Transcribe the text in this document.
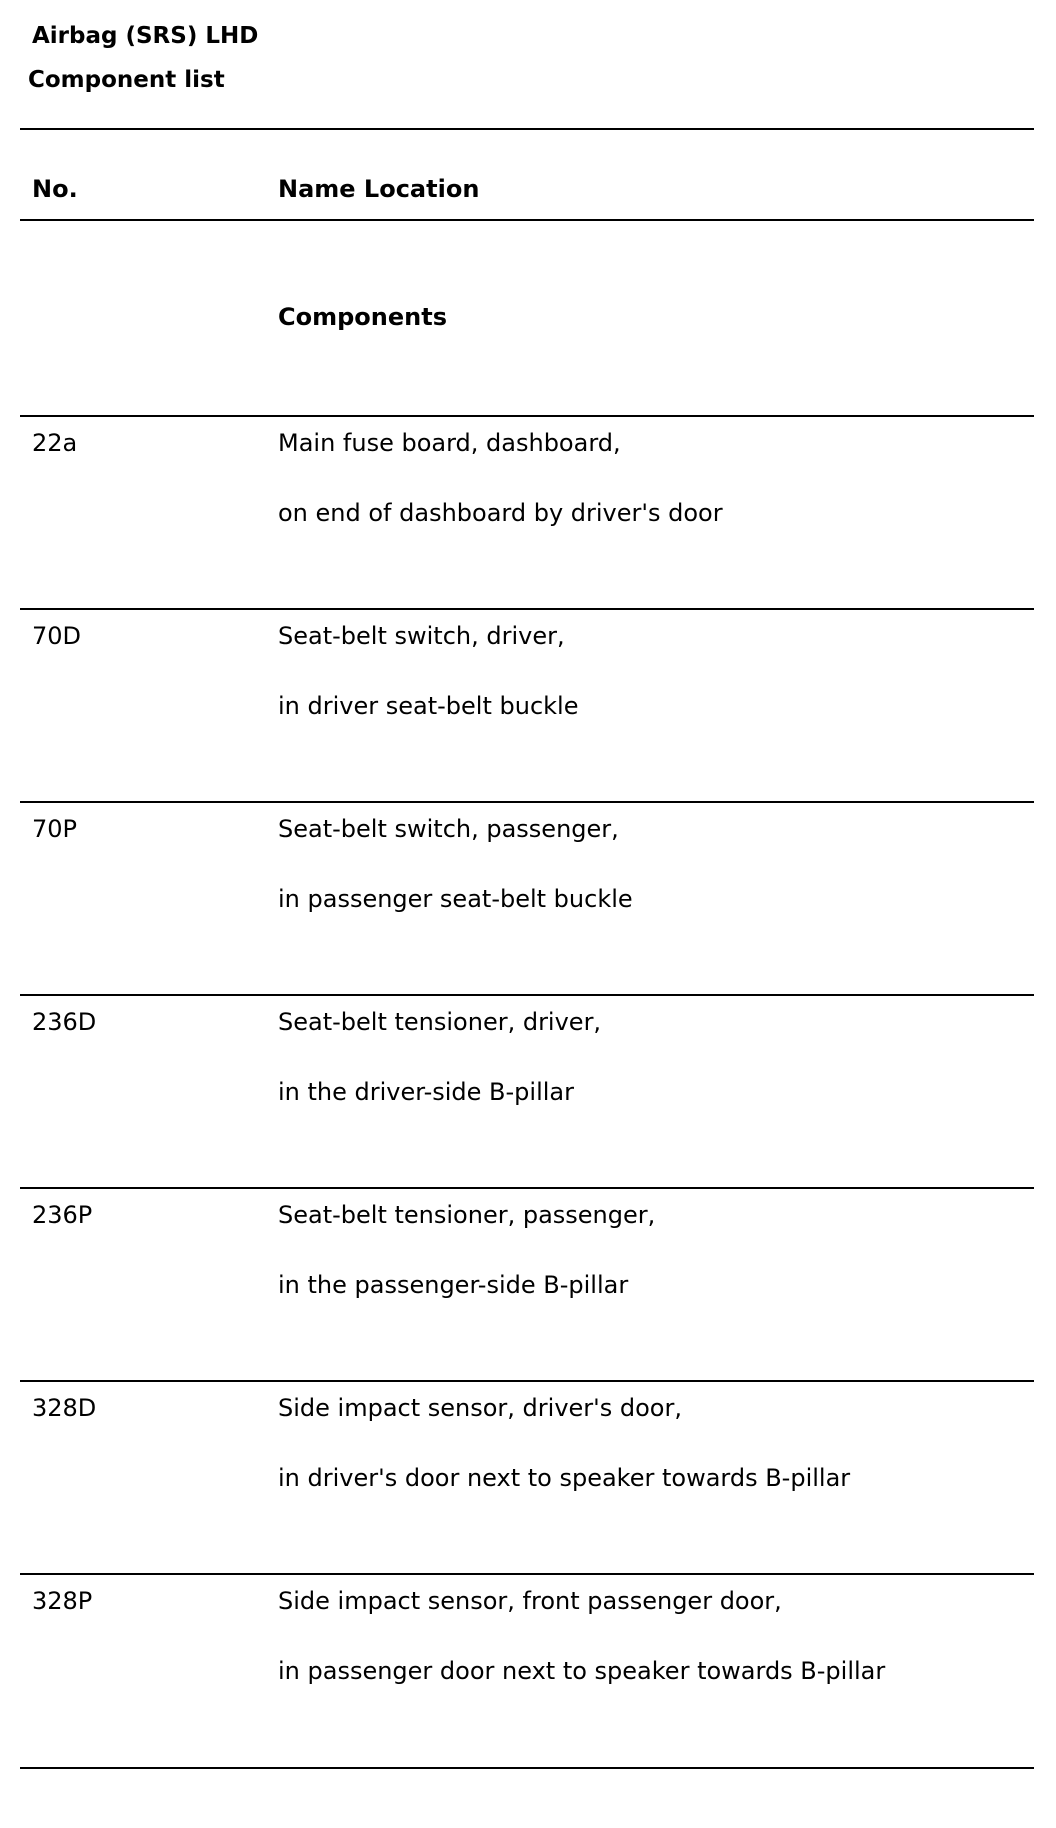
Airbag (SRS) LHD
Component list
No.	Name Location
Components
22a	Main fuse board, dashboard,
on end of dashboard by driver's door
70D	Seat-belt switch, driver,
in driver seat-belt buckle
70P	Seat-belt switch, passenger,
in passenger seat-belt buckle
236D	Seat-belt tensioner, driver,
in the driver-side B-pillar
236P	Seat-belt tensioner, passenger,
in the passenger-side B-pillar
328D	Side impact sensor, driver's door,
in driver's door next to speaker towards B-pillar
328P	Side impact sensor, front passenger door,
in passenger door next to speaker towards B-pillar
